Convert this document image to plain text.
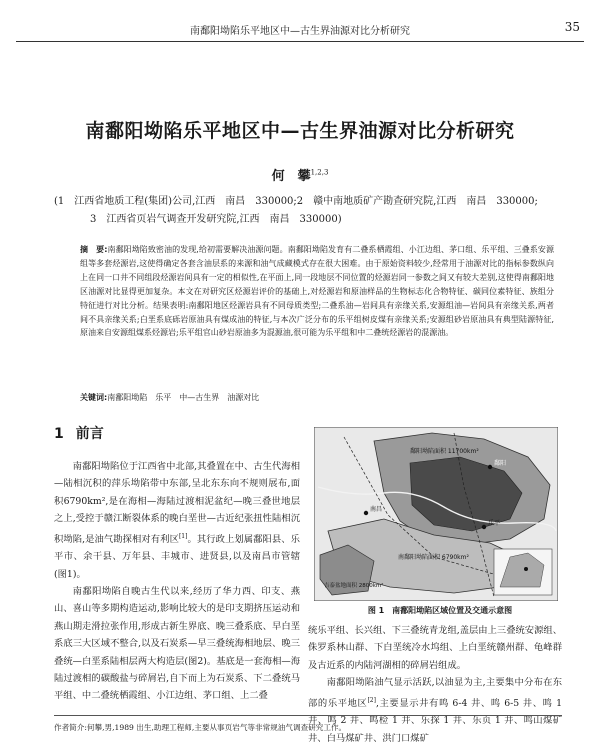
南鄱阳坳陷乐平地区中—古生界油源对比分析研究	35
南鄱阳坳陷乐平地区中—古生界油源对比分析研究
何　攀$^{1,2,3}$
(1　江西省地质工程(集团)公司,江西　南昌　330000;2　赣中南地质矿产勘查研究院,江西　南昌　330000;
3　江西省页岩气调查开发研究院,江西　南昌　330000)
摘　要:南鄱阳坳陷致密油的发现,给初需要解决油源问题。南鄱阳坳陷发育有二叠系栖霞组、小江边组、茅口组、乐平组、三叠系安源组等多套烃源岩,这使得确定各套含油层系的来源和油气成藏模式存在很大困难。由于原始资料较少,经常用于油源对比的指标参数纵向上在同一口井不同组段烃源岩间具有一定的相似性,在平面上,同一段地层不同位置的烃源岩同一参数之间又有较大差别,这使得南鄱阳地区油源对比显得更加复杂。本文在对研究区烃源岩评价的基础上,对烃源岩和原油样品的生物标志化合物特征、碳同位素特征、族组分特征进行对比分析。结果表明:南鄱阳地区烃源岩具有不同母质类型;二叠系油—岩间具有亲缘关系,安源组油—岩间具有亲缘关系,两者间不具亲缘关系;白垩系底砾岩原油具有煤成油的特征,与本次广泛分布的乐平组树皮煤有亲缘关系;安源组砂岩原油具有典型陆源特征,原油来自安源组煤系烃源岩;乐平组官山砂岩原油多为混源油,很可能为乐平组和中二叠统烃源岩的混源油。
关键词:南鄱阳坳陷　乐平　中—古生界　油源对比
1 前言

南鄱阳坳陷位于江西省中北部,其叠置在中、古生代海相—陆相沉积的萍乐坳陷带中东部,呈北东东向不规则展布,面积6790km²,是在海相—海陆过渡相泥盆纪—晚三叠世地层之上,受控于赣江断裂体系的晚白垩世—古近纪张扭性陆相沉积坳陷,是油气勘探相对有利区[1]。其行政上划属鄱阳县、乐平市、余干县、万年县、丰城市、进贤县,以及南昌市管辖(图1)。

南鄱阳坳陷自晚古生代以来,经历了华力西、印支、燕山、喜山等多期构造运动,影响比较大的是印支期挤压运动和燕山期走滑拉张作用,形成古新生界底、晚三叠系底、早白垩系底三大区域不整合,以及石炭系—早三叠统海相地层、晚三叠统—白垩系陆相层两大构造层(图2)。基底是一套海相—海陆过渡相的碳酸盐与碎屑岩,自下而上为石炭系、下二叠统马平组、中二叠统栖霞组、小江边组、茅口组、上二叠

鄱阳坳陷面积 11700km²
南鄱阳坳陷面积 6790km²
吉泰盆地面积 2800km²
南昌
鄱阳
乐平
图 1　南鄱阳坳陷区域位置及交通示意图

统乐平组、长兴组、下三叠统青龙组,盖层由上三叠统安源组、侏罗系林山群、下白垩统冷水坞组、上白垩统赣州群、龟峰群及古近系的内陆河湖相的碎屑岩组成。

南鄱阳坳陷油气显示活跃,以油显为主,主要集中分布在东部的乐平地区[2],主要显示井有鸣 6-4 井、鸣 6-5 井、鸣 1 井、鸣 2 井、鸣检 1 井、乐探 1 井、乐页 1 井、鸣山煤矿井、白马煤矿井、洪门口煤矿

作者简介:何攀,男,1989 出生,助理工程师,主要从事页岩气等非常规油气调查研究工作。
